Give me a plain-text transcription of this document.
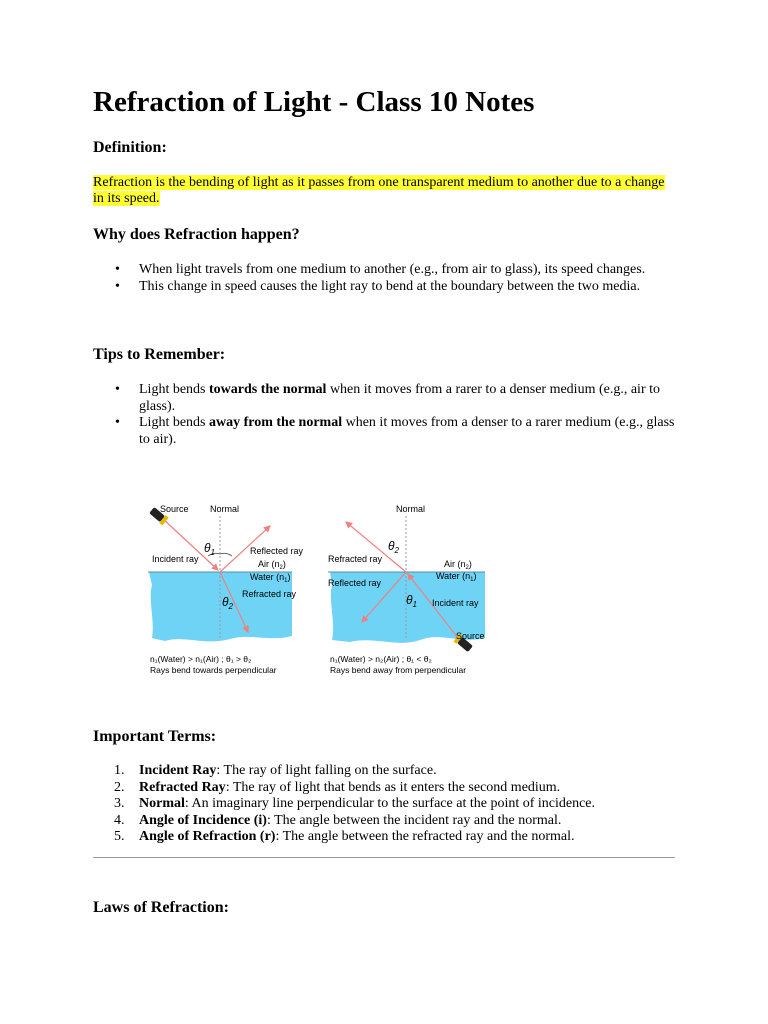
Refraction of Light - Class 10 Notes
Definition:

Refraction is the bending of light as it passes from one transparent medium to another due to a change in its speed.

Why does Refraction happen?
• When light travels from one medium to another (e.g., from air to glass), its speed changes.
• This change in speed causes the light ray to bend at the boundary between the two media.
Tips to Remember:
• Light bends towards the normal when it moves from a rarer to a denser medium (e.g., air to glass).
• Light bends away from the normal when it moves from a denser to a rarer medium (e.g., glass to air).
Important Terms:
1. Incident Ray: The ray of light falling on the surface.
2. Refracted Ray: The ray of light that bends as it enters the second medium.
3. Normal: An imaginary line perpendicular to the surface at the point of incidence.
4. Angle of Incidence (i): The angle between the incident ray and the normal.
5. Angle of Refraction (r): The angle between the refracted ray and the normal.
Laws of Refraction:
Source Normal
$\theta_1$
Incident ray
Reflected ray
Air $(n_2)$
Water $(n_1)$
Refracted ray
$\theta_2$
n₁(Water) > n₁(Air) ; θ₁ > θ₂
Rays bend towards perpendicular
Normal
$\theta_2$
Refracted ray
Reflected ray
Air $(n_2)$
Water $(n_1)$
$\theta_1$ Incident ray
Source
n₁(Water) > n₂(Air) ; θ₁ < θ₂
Rays bend away from perpendicular
